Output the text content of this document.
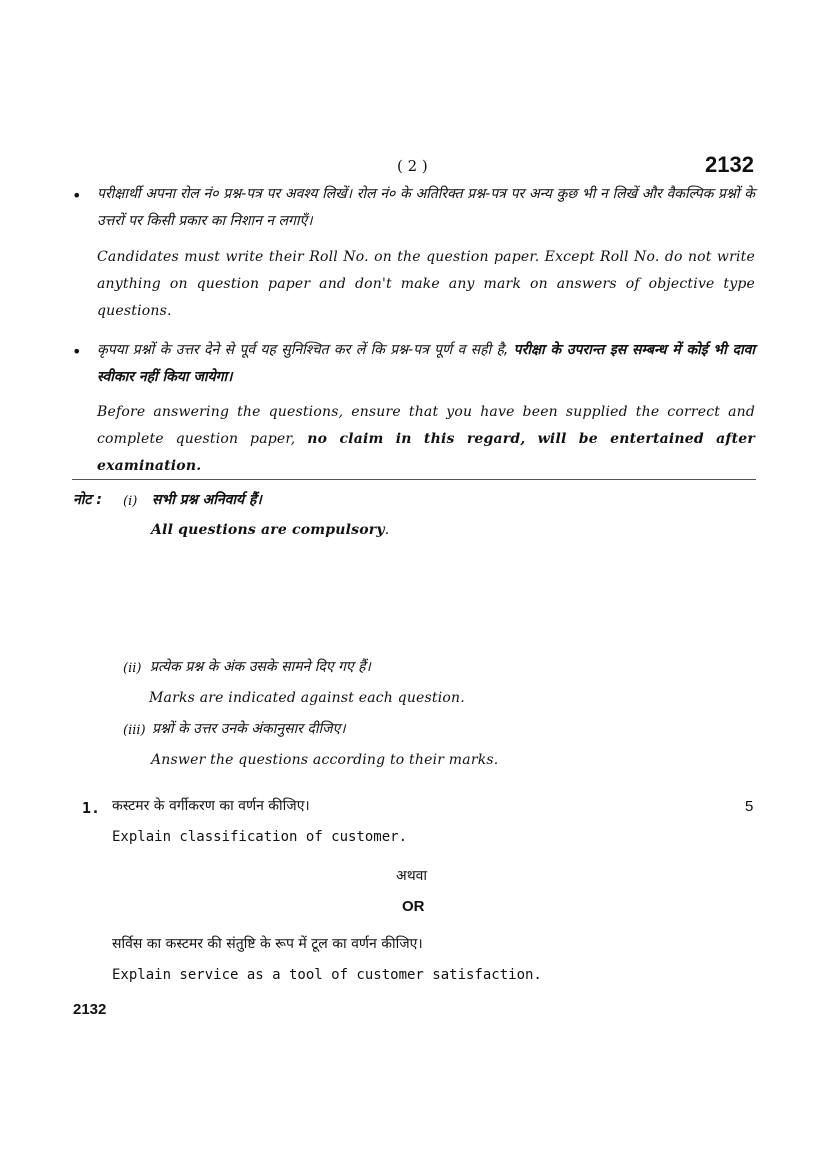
( 2 )	2132
• परीक्षार्थी अपना रोल नं० प्रश्न-पत्र पर अवश्य लिखें। रोल नं० के अतिरिक्त प्रश्न-पत्र पर अन्य कुछ भी न लिखें और वैकल्पिक प्रश्नों के उत्तरों पर किसी प्रकार का निशान न लगाएँ।
Candidates must write their Roll No. on the question paper. Except Roll No. do not write anything on question paper and don't make any mark on answers of objective type questions.
• कृपया प्रश्नों के उत्तर देने से पूर्व यह सुनिश्चित कर लें कि प्रश्न-पत्र पूर्ण व सही है, परीक्षा के उपरान्त इस सम्बन्ध में कोई भी दावा स्वीकार नहीं किया जायेगा।
Before answering the questions, ensure that you have been supplied the correct and complete question paper, no claim in this regard, will be entertained after examination.
नोट : (i) सभी प्रश्न अनिवार्य हैं।
All questions are compulsory.
(ii) प्रत्येक प्रश्न के अंक उसके सामने दिए गए हैं।
Marks are indicated against each question.
(iii) प्रश्नों के उत्तर उनके अंकानुसार दीजिए।
Answer the questions according to their marks.
1. कस्टमर के वर्गीकरण का वर्णन कीजिए।	5
Explain classification of customer.
अथवा
OR
सर्विस का कस्टमर की संतुष्टि के रूप में टूल का वर्णन कीजिए।
Explain service as a tool of customer satisfaction.
2132
